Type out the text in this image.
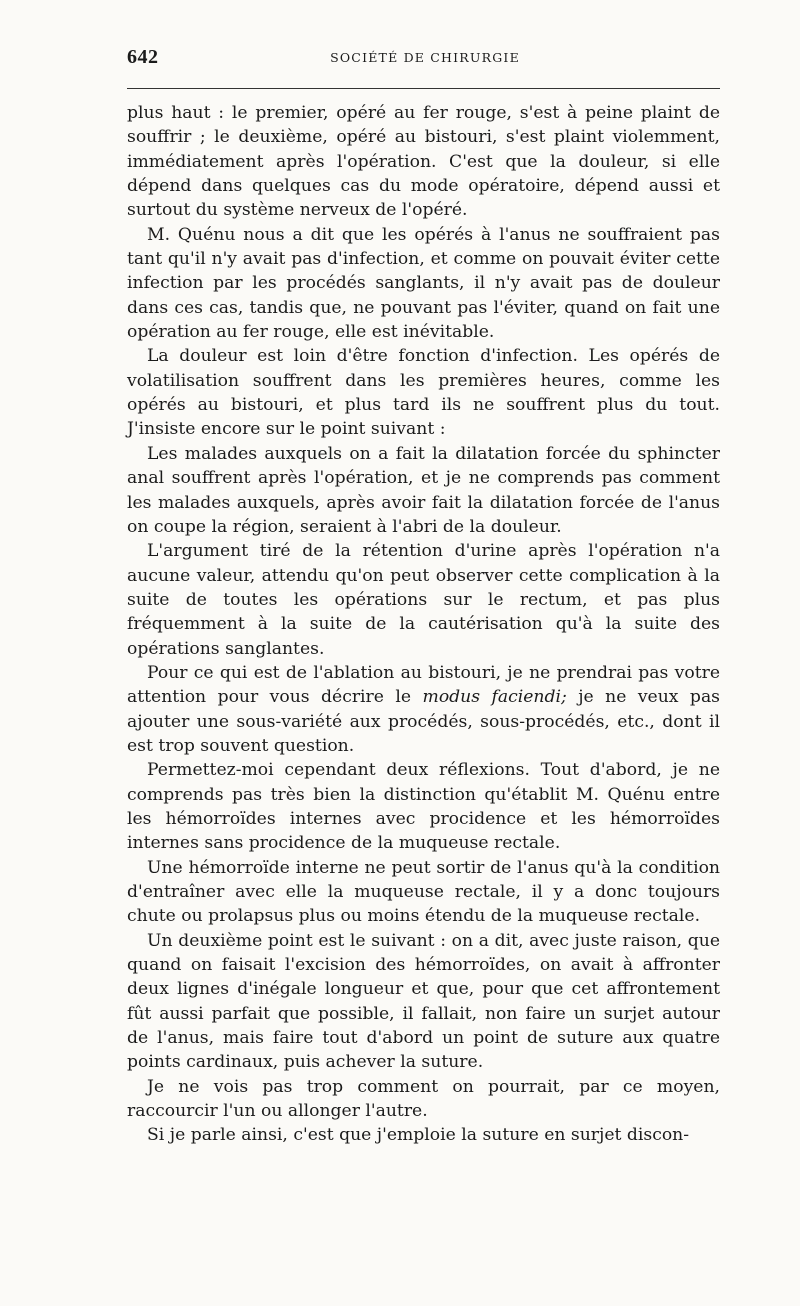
642	SOCIÉTÉ DE CHIRURGIE

plus haut : le premier, opéré au fer rouge, s'est à peine plaint de souffrir ; le deuxième, opéré au bistouri, s'est plaint violemment, immédiatement après l'opération. C'est que la douleur, si elle dépend dans quelques cas du mode opératoire, dépend aussi et surtout du système nerveux de l'opéré.

M. Quénu nous a dit que les opérés à l'anus ne souffraient pas tant qu'il n'y avait pas d'infection, et comme on pouvait éviter cette infection par les procédés sanglants, il n'y avait pas de douleur dans ces cas, tandis que, ne pouvant pas l'éviter, quand on fait une opération au fer rouge, elle est inévitable.

La douleur est loin d'être fonction d'infection. Les opérés de volatilisation souffrent dans les premières heures, comme les opérés au bistouri, et plus tard ils ne souffrent plus du tout. J'insiste encore sur le point suivant :

Les malades auxquels on a fait la dilatation forcée du sphincter anal souffrent après l'opération, et je ne comprends pas comment les malades auxquels, après avoir fait la dilatation forcée de l'anus on coupe la région, seraient à l'abri de la douleur.

L'argument tiré de la rétention d'urine après l'opération n'a aucune valeur, attendu qu'on peut observer cette complication à la suite de toutes les opérations sur le rectum, et pas plus fréquemment à la suite de la cautérisation qu'à la suite des opérations sanglantes.

Pour ce qui est de l'ablation au bistouri, je ne prendrai pas votre attention pour vous décrire le modus faciendi; je ne veux pas ajouter une sous-variété aux procédés, sous-procédés, etc., dont il est trop souvent question.

Permettez-moi cependant deux réflexions. Tout d'abord, je ne comprends pas très bien la distinction qu'établit M. Quénu entre les hémorroïdes internes avec procidence et les hémorroïdes internes sans procidence de la muqueuse rectale.

Une hémorroïde interne ne peut sortir de l'anus qu'à la condition d'entraîner avec elle la muqueuse rectale, il y a donc toujours chute ou prolapsus plus ou moins étendu de la muqueuse rectale.

Un deuxième point est le suivant : on a dit, avec juste raison, que quand on faisait l'excision des hémorroïdes, on avait à affronter deux lignes d'inégale longueur et que, pour que cet affrontement fût aussi parfait que possible, il fallait, non faire un surjet autour de l'anus, mais faire tout d'abord un point de suture aux quatre points cardinaux, puis achever la suture.

Je ne vois pas trop comment on pourrait, par ce moyen, raccourcir l'un ou allonger l'autre.

Si je parle ainsi, c'est que j'emploie la suture en surjet discon-
